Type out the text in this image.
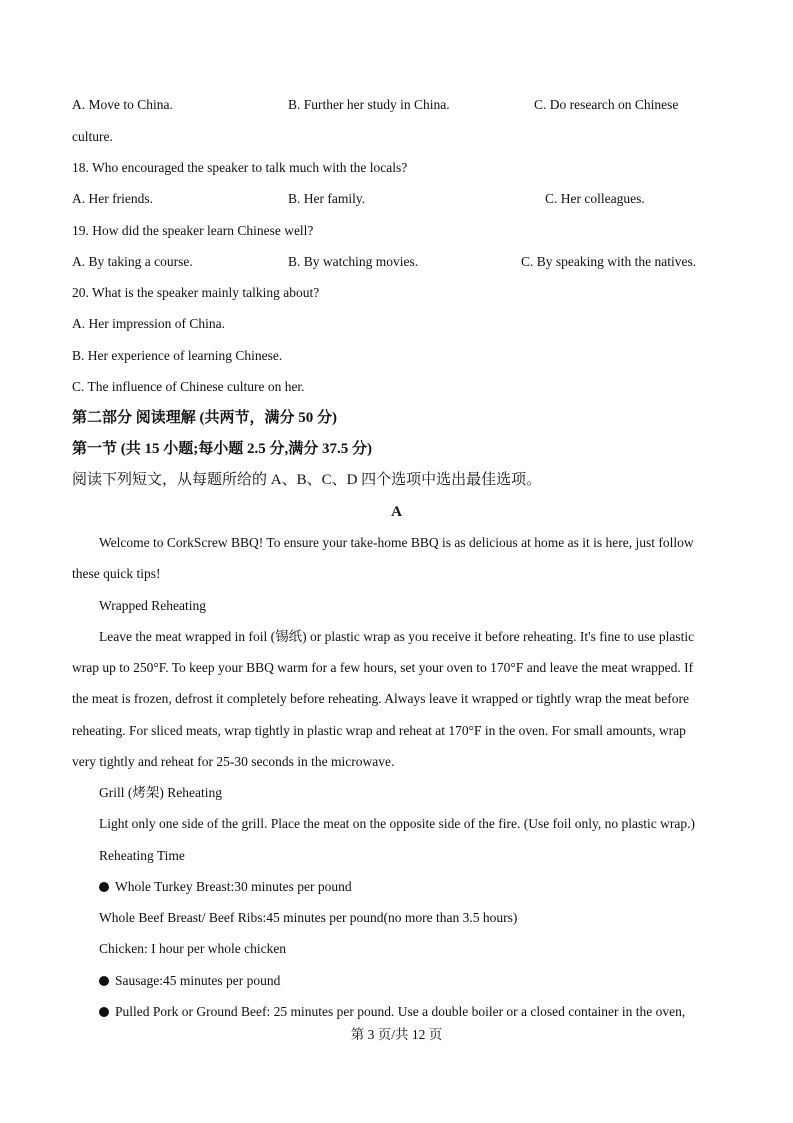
A. Move to China.	B. Further her study in China.	C. Do research on Chinese
culture.
18. Who encouraged the speaker to talk much with the locals?
A. Her friends.	B. Her family.	C. Her colleagues.
19. How did the speaker learn Chinese well?
A. By taking a course.	B. By watching movies.	C. By speaking with the natives.
20. What is the speaker mainly talking about?
A. Her impression of China.
B. Her experience of learning Chinese.
C. The influence of Chinese culture on her.
第二部分 阅读理解 (共两节，满分 50 分)
第一节 (共 15 小题;每小题 2.5 分,满分 37.5 分)
阅读下列短文，从每题所给的 A、B、C、D 四个选项中选出最佳选项。
A
Welcome to CorkScrew BBQ! To ensure your take-home BBQ is as delicious at home as it is here, just follow
these quick tips!
Wrapped Reheating
Leave the meat wrapped in foil (锡纸) or plastic wrap as you receive it before reheating. It's fine to use plastic
wrap up to 250°F. To keep your BBQ warm for a few hours, set your oven to 170°F and leave the meat wrapped. If
the meat is frozen, defrost it completely before reheating. Always leave it wrapped or tightly wrap the meat before
reheating. For sliced meats, wrap tightly in plastic wrap and reheat at 170°F in the oven. For small amounts, wrap
very tightly and reheat for 25-30 seconds in the microwave.
Grill (烤架) Reheating
Light only one side of the grill. Place the meat on the opposite side of the fire. (Use foil only, no plastic wrap.)
Reheating Time
Whole Turkey Breast:30 minutes per pound
Whole Beef Breast/ Beef Ribs:45 minutes per pound(no more than 3.5 hours)
Chicken: I hour per whole chicken
Sausage:45 minutes per pound
Pulled Pork or Ground Beef: 25 minutes per pound. Use a double boiler or a closed container in the oven,
第 3 页/共 12 页
